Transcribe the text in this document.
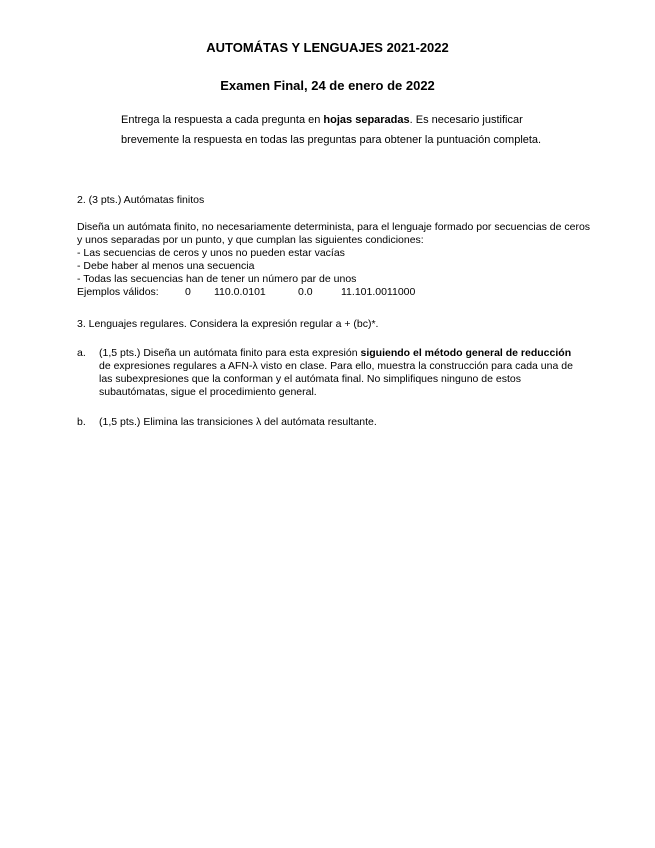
AUTOMÁTAS Y LENGUAJES 2021-2022

Examen Final, 24 de enero de 2022

Entrega la respuesta a cada pregunta en hojas separadas. Es necesario justificar brevemente la respuesta en todas las preguntas para obtener la puntuación completa.

2. (3 pts.) Autómatas finitos

Diseña un autómata finito, no necesariamente determinista, para el lenguaje formado por secuencias de ceros y unos separadas por un punto, y que cumplan las siguientes condiciones:
- Las secuencias de ceros y unos no pueden estar vacías
- Debe haber al menos una secuencia
- Todas las secuencias han de tener un número par de unos
Ejemplos válidos:	0 110.0.0101	0.0	11.101.0011000

3. Lenguajes regulares. Considera la expresión regular a + (bc)*.

a.	(1,5 pts.) Diseña un autómata finito para esta expresión siguiendo el método general de reducción de expresiones regulares a AFN-λ visto en clase. Para ello, muestra la construcción para cada una de las subexpresiones que la conforman y el autómata final. No simplifiques ninguno de estos subautómatas, sigue el procedimiento general.
b.	(1,5 pts.) Elimina las transiciones λ del autómata resultante.
